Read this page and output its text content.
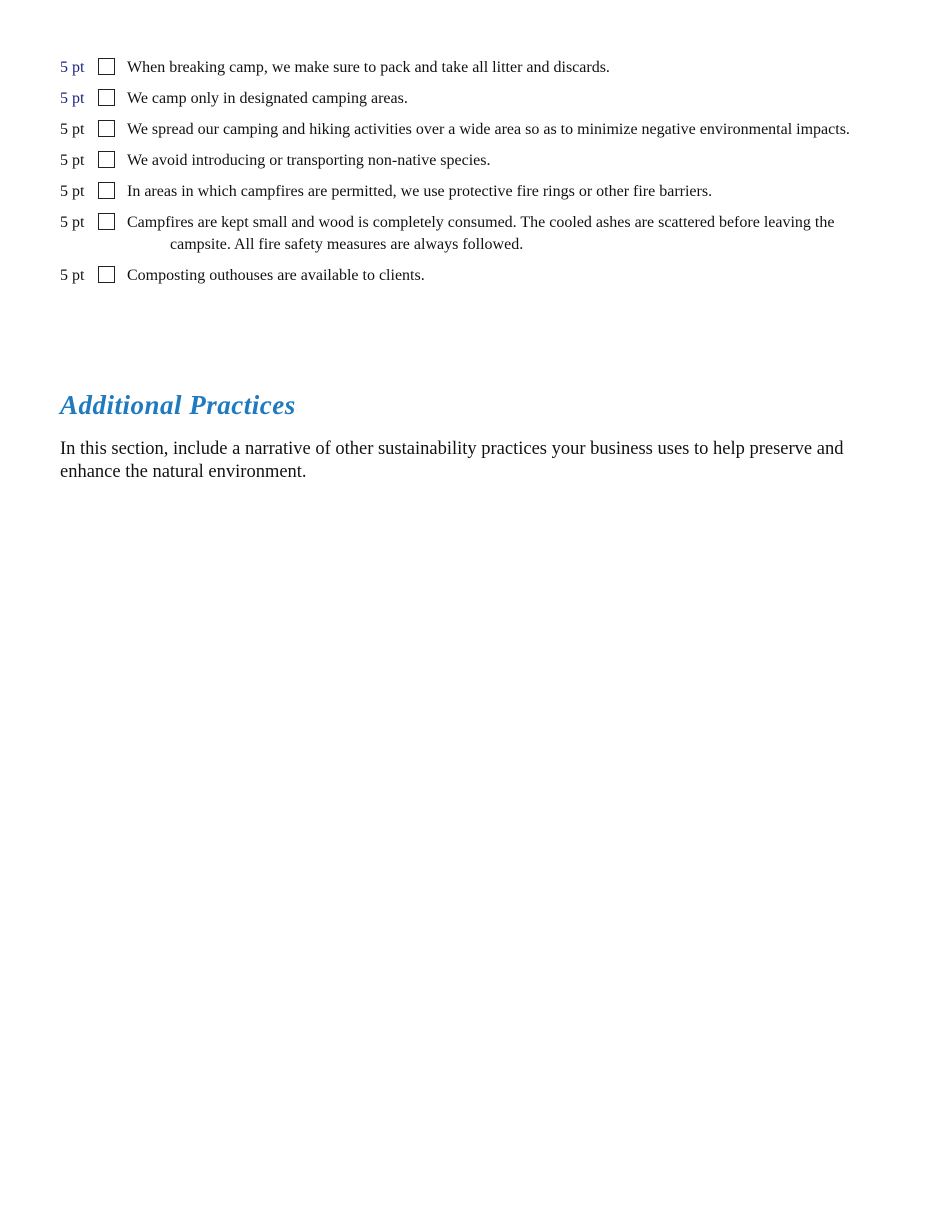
5 pt	When breaking camp, we make sure to pack and take all litter and discards.
5 pt	We camp only in designated camping areas.
5 pt	We spread our camping and hiking activities over a wide area so as to minimize negative environmental impacts.
5 pt	We avoid introducing or transporting non-native species.
5 pt	In areas in which campfires are permitted, we use protective fire rings or other fire barriers.
5 pt	Campfires are kept small and wood is completely consumed. The cooled ashes are scattered before leaving the campsite. All fire safety measures are always followed.
5 pt	Composting outhouses are available to clients.
Additional Practices

In this section, include a narrative of other sustainability practices your business uses to help preserve and enhance the natural environment.
